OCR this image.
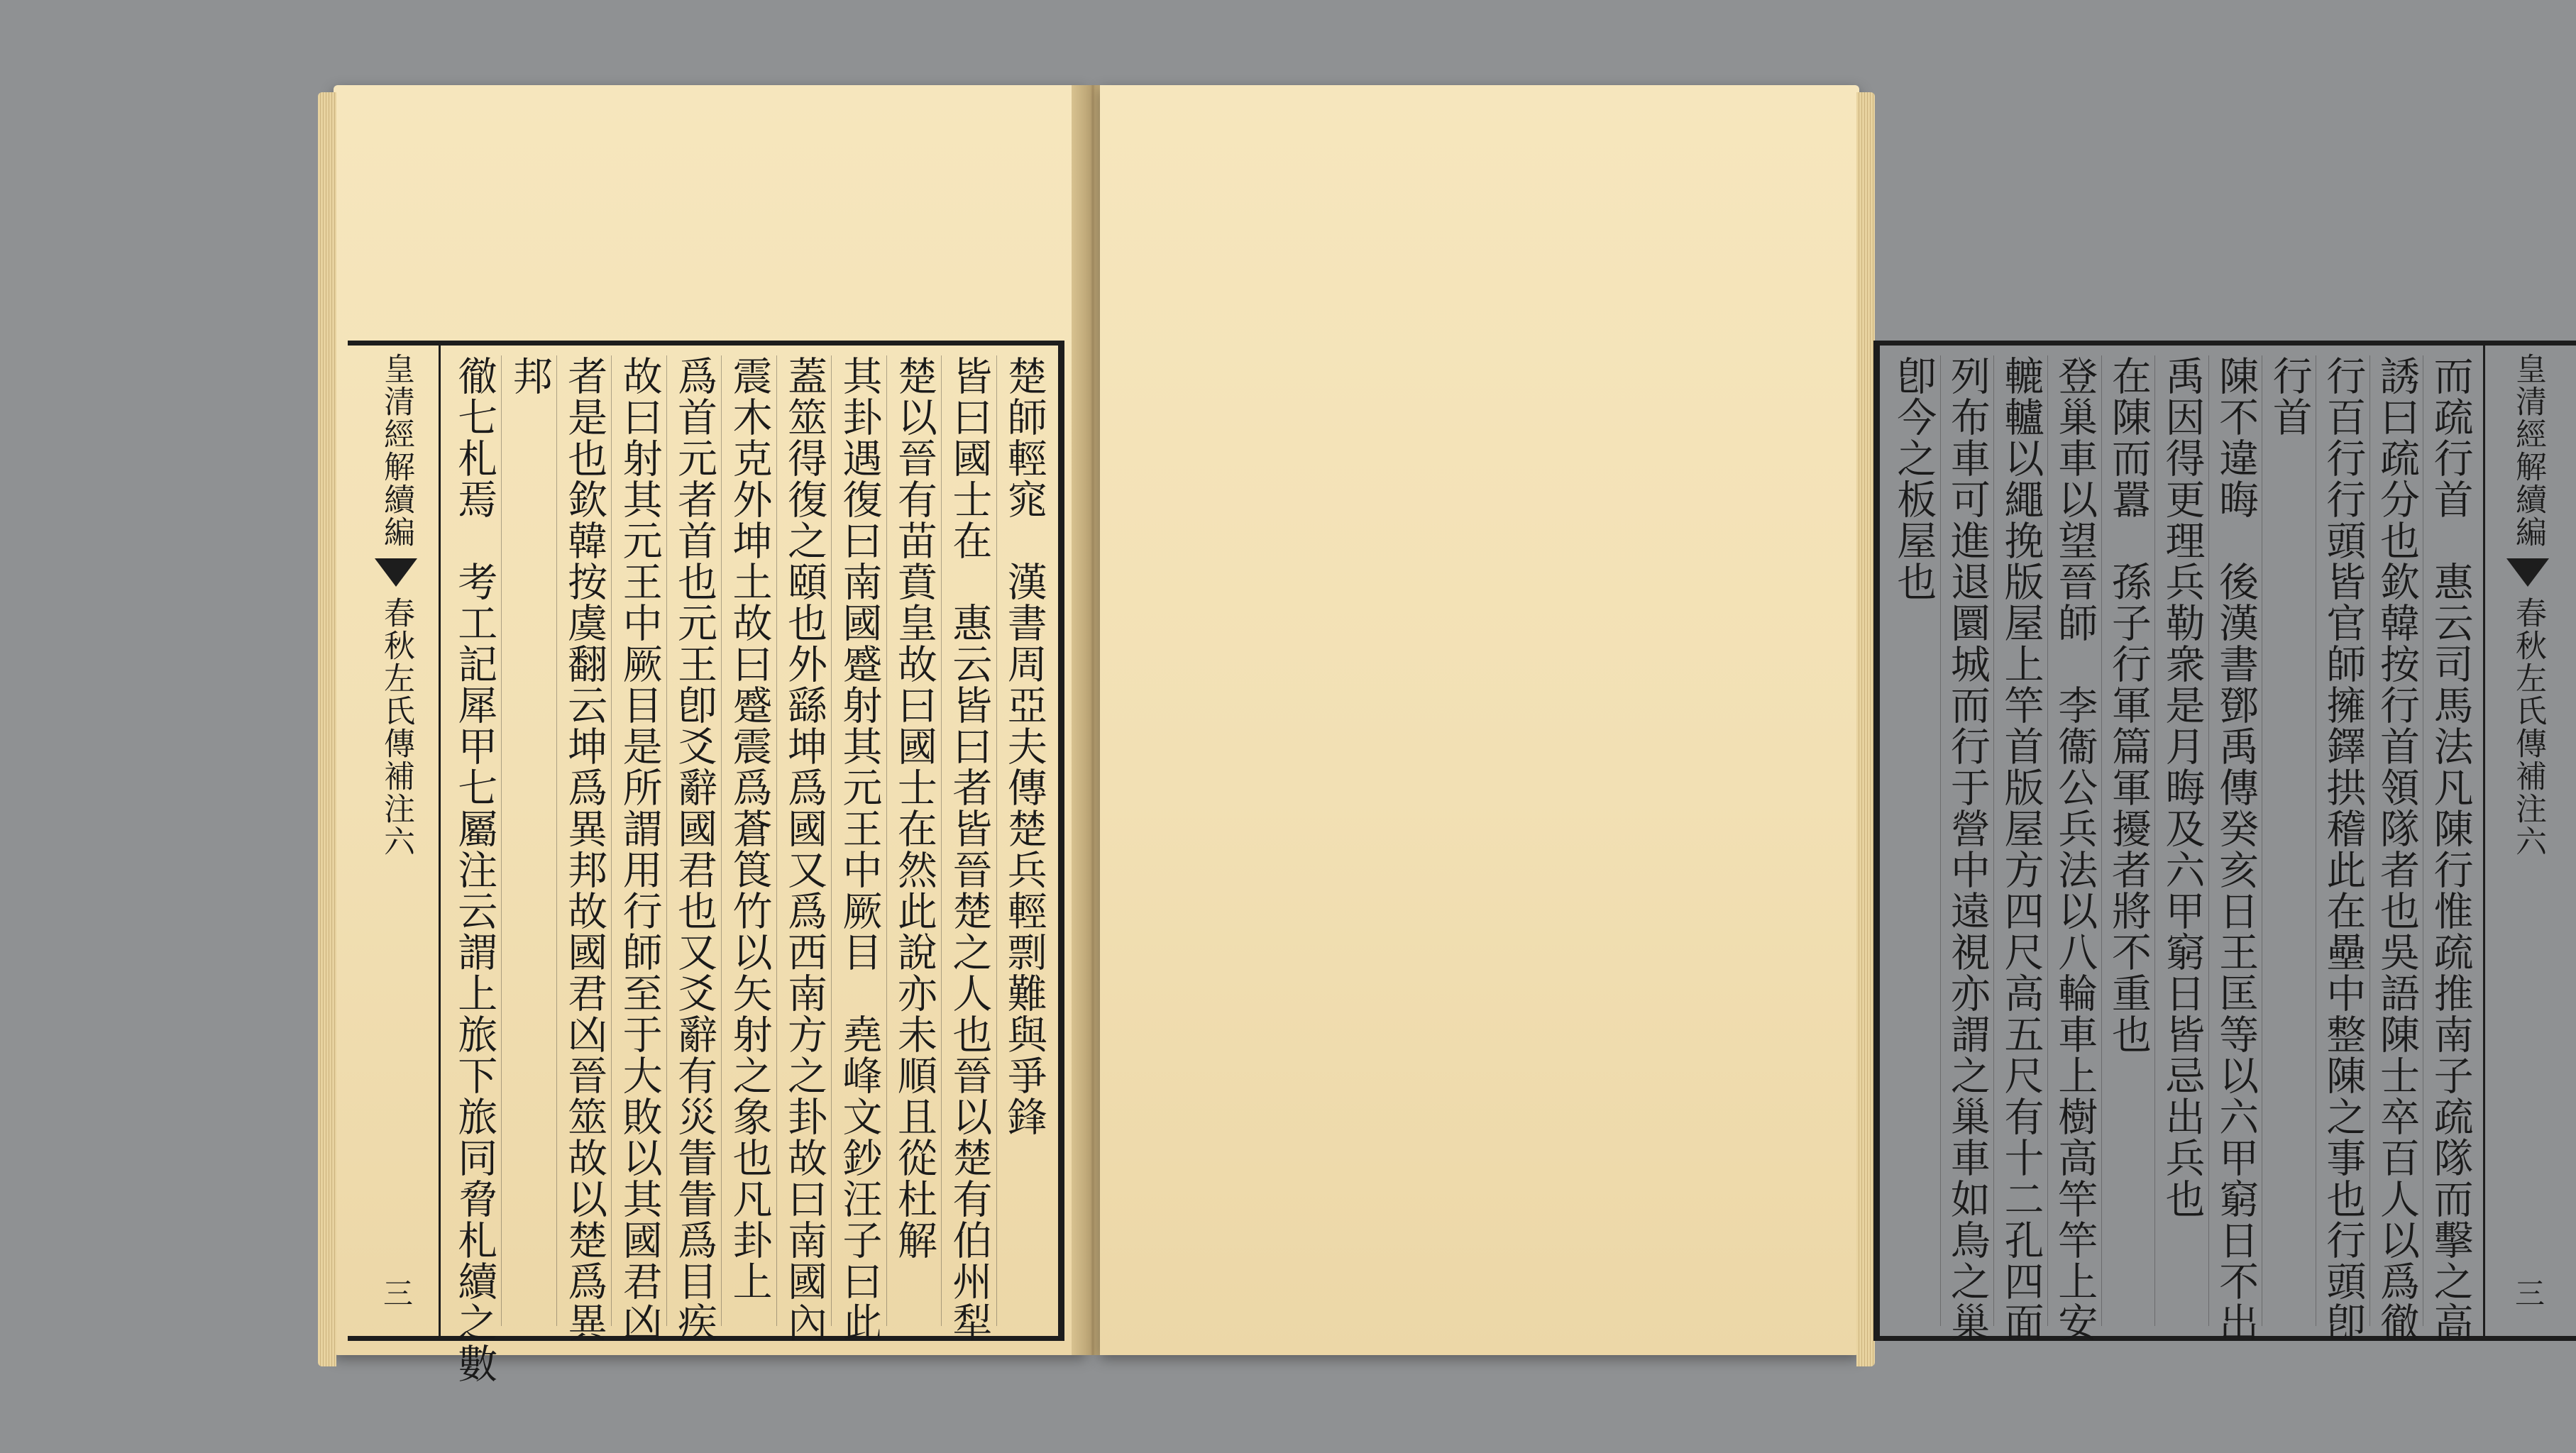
楚師輕窕　漢書周亞夫傳楚兵輕剽難與爭鋒
皆曰國士在　惠云皆曰者皆晉楚之人也晉以楚有伯州犁
楚以晉有苗賁皇故曰國士在然此說亦未順且從杜解
其卦遇復曰南國蹙射其元王中厥目　堯峰文鈔汪子曰此
蓋筮得復之頤也外繇坤爲國又爲西南方之卦故曰南國內
震木克外坤土故曰蹙震爲蒼筤竹以矢射之象也凡卦上
爲首元者首也元王卽爻辭國君也又爻辭有災眚眚爲目疾
故曰射其元王中厥目是所謂用行師至于大敗以其國君凶
者是也欽韓按虞翻云坤爲異邦故國君凶晉筮故以楚爲異
邦
徹七札焉　考工記犀甲七屬注云謂上旅下旅同脅札續之數
皇清經解續編
春秋左氏傳補注六
三	而疏行首　惠云司馬法凡陳行惟疏推南子疏隊而擊之高
誘曰疏分也欽韓按行首領隊者也吳語陳士卒百人以爲徹
行百行行頭皆官師擁鐸拱稽此在壘中整陳之事也行頭卽
行首
陳不違晦　後漢書鄧禹傳癸亥日王匡等以六甲窮日不出
禹因得更理兵勒衆是月晦及六甲窮日皆忌出兵也
在陳而囂　孫子行軍篇軍擾者將不重也
登巢車以望晉師　李衞公兵法以八輪車上樹高竿竿上安
轆轤以繩挽版屋上竿首版屋方四尺高五尺有十二孔四面
列布車可進退圜城而行于營中遠視亦謂之巢車如鳥之巢
卽今之板屋也	皇清經解續編
春秋左氏傳補注六
三
